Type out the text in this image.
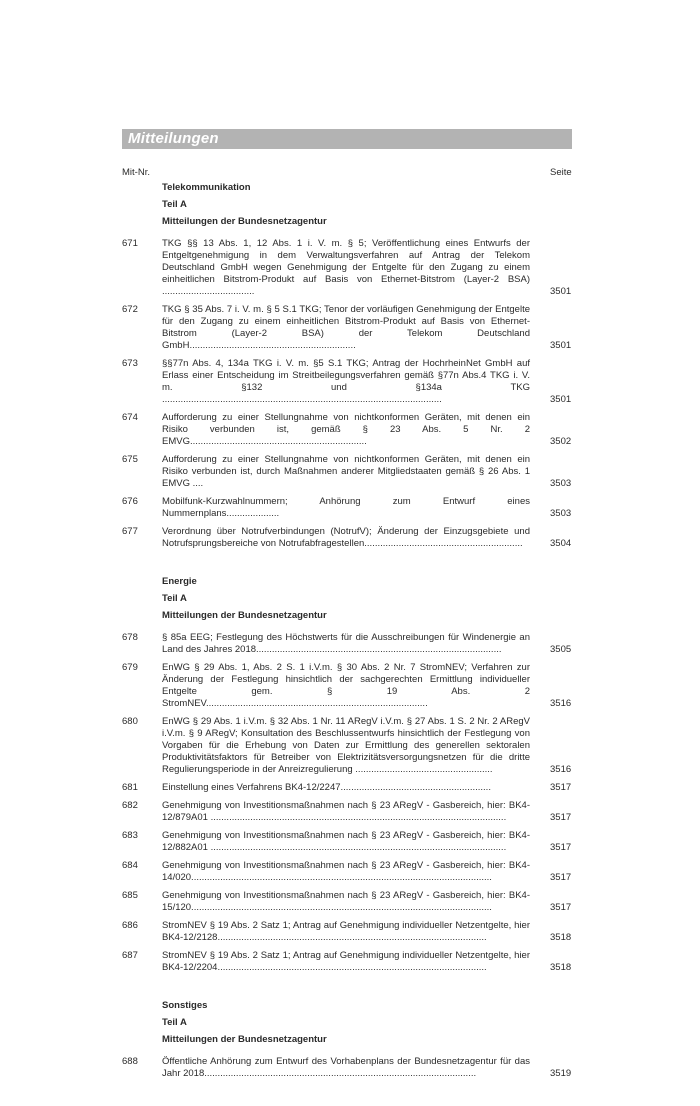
Mitteilungen
Mit-Nr.	Seite
Telekommunikation
Teil A
Mitteilungen der Bundesnetzagentur
671	TKG §§ 13 Abs. 1, 12 Abs. 1 i. V. m. § 5; Veröffentlichung eines Entwurfs der Entgeltgenehmigung in dem Verwaltungsverfahren auf Antrag der Telekom Deutschland GmbH wegen Genehmigung der Entgelte für den Zugang zu einem einheitlichen Bitstrom-Produkt auf Basis von Ethernet-Bitstrom (Layer-2 BSA) ...................................	3501
672	TKG § 35 Abs. 7 i. V. m. § 5 S.1 TKG; Tenor der vorläufigen Genehmigung der Entgelte für den Zugang zu einem einheitlichen Bitstrom-Produkt auf Basis von Ethernet-Bitstrom (Layer-2 BSA) der Telekom Deutschland GmbH...............................................................	3501
673	§§77n Abs. 4, 134a TKG i. V. m. §5 S.1 TKG; Antrag der HochrheinNet GmbH auf Erlass einer Entscheidung im Streitbeilegungsverfahren gemäß §77n Abs.4 TKG i. V. m. §132 und §134a TKG ..........................................................................................................	3501
674	Aufforderung zu einer Stellungnahme von nichtkonformen Geräten, mit denen ein Risiko verbunden ist, gemäß § 23 Abs. 5 Nr. 2 EMVG...................................................................	3502
675	Aufforderung zu einer Stellungnahme von nichtkonformen Geräten, mit denen ein Risiko verbunden ist, durch Maßnahmen anderer Mitgliedstaaten gemäß § 26 Abs. 1 EMVG ....	3503
676	Mobilfunk-Kurzwahlnummern; Anhörung zum Entwurf eines Nummernplans....................	3503
677	Verordnung über Notrufverbindungen (NotrufV); Änderung der Einzugsgebiete und Notrufsprungsbereiche von Notrufabfragestellen............................................................	3504
Energie
Teil A
Mitteilungen der Bundesnetzagentur
678	§ 85a EEG; Festlegung des Höchstwerts für die Ausschreibungen für Windenergie an Land des Jahres 2018.............................................................................................	3505
679	EnWG § 29 Abs. 1, Abs. 2 S. 1 i.V.m. § 30 Abs. 2 Nr. 7 StromNEV; Verfahren zur Änderung der Festlegung hinsichtlich der sachgerechten Ermittlung individueller Entgelte gem. § 19 Abs. 2 StromNEV....................................................................................	3516
680	EnWG § 29 Abs. 1 i.V.m. § 32 Abs. 1 Nr. 11 ARegV i.V.m. § 27 Abs. 1 S. 2 Nr. 2 ARegV i.V.m. § 9 ARegV; Konsultation des Beschlussentwurfs hinsichtlich der Festlegung von Vorgaben für die Erhebung von Daten zur Ermittlung des generellen sektoralen Produktivitätsfaktors für Betreiber von Elektrizitätsversorgungsnetzen für die dritte Regulierungsperiode in der Anreizregulierung ....................................................	3516
681	Einstellung eines Verfahrens BK4-12/2247.........................................................	3517
682	Genehmigung von Investitionsmaßnahmen nach § 23 ARegV - Gasbereich, hier: BK4-12/879A01 ................................................................................................................	3517
683	Genehmigung von Investitionsmaßnahmen nach § 23 ARegV - Gasbereich, hier: BK4-12/882A01 ................................................................................................................	3517
684	Genehmigung von Investitionsmaßnahmen nach § 23 ARegV - Gasbereich, hier: BK4-14/020..................................................................................................................	3517
685	Genehmigung von Investitionsmaßnahmen nach § 23 ARegV - Gasbereich, hier: BK4-15/120..................................................................................................................	3517
686	StromNEV § 19 Abs. 2 Satz 1; Antrag auf Genehmigung individueller Netzentgelte, hier BK4-12/2128......................................................................................................	3518
687	StromNEV § 19 Abs. 2 Satz 1; Antrag auf Genehmigung individueller Netzentgelte, hier BK4-12/2204......................................................................................................	3518
Sonstiges
Teil A
Mitteilungen der Bundesnetzagentur
688	Öffentliche Anhörung zum Entwurf des Vorhabenplans der Bundesnetzagentur für das Jahr 2018.......................................................................................................	3519
